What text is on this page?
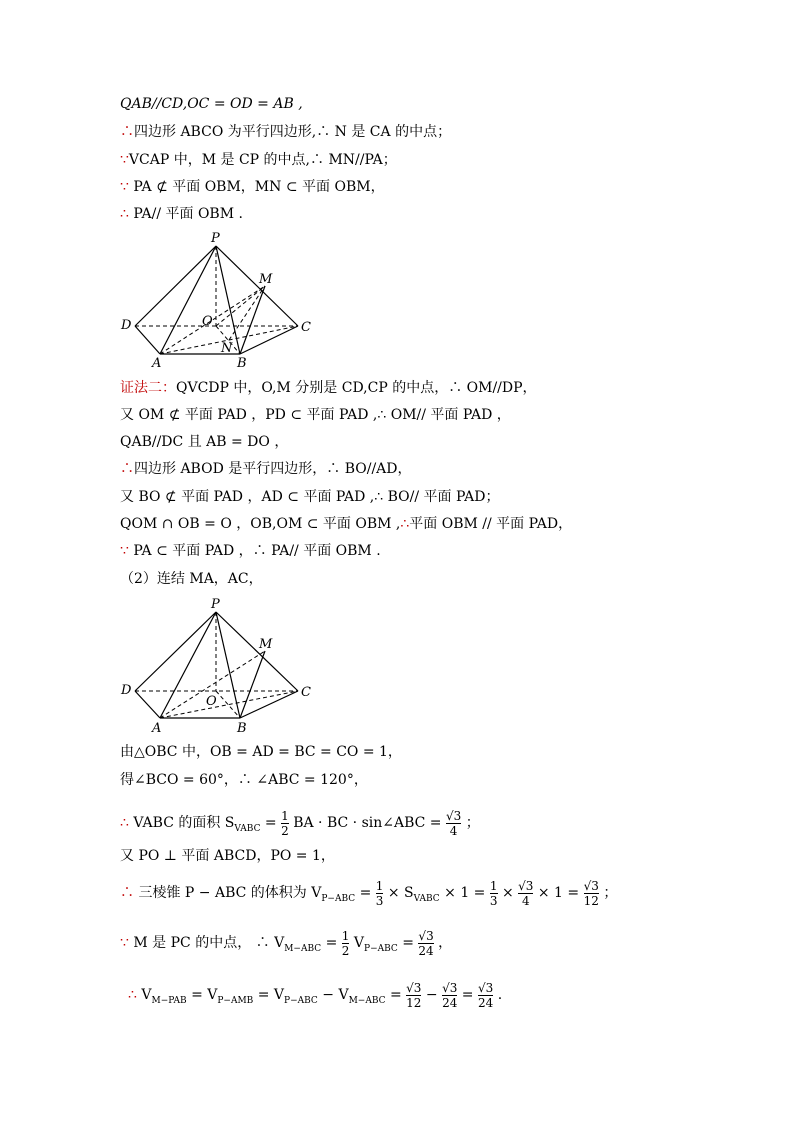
QAB//CD,OC = OD = AB ,
∴四边形 ABCO 为平行四边形,∴ N 是 CA 的中点；
∵VCAP 中，M 是 CP 的中点,∴ MN//PA；
∵ PA ⊄ 平面 OBM，MN ⊂ 平面 OBM，
∴ PA// 平面 OBM .
P
M
D	O	C
A
N
B
证法二：QVCDP 中，O,M 分别是 CD,CP 的中点，∴ OM//DP，
又 OM ⊄ 平面 PAD ，PD ⊂ 平面 PAD ,∴ OM// 平面 PAD ，
QAB//DC 且 AB = DO ，
∴四边形 ABOD 是平行四边形，∴ BO//AD，
又 BO ⊄ 平面 PAD ，AD ⊂ 平面 PAD ,∴ BO// 平面 PAD；
QOM ∩ OB = O ，OB,OM ⊂ 平面 OBM ,∴平面 OBM // 平面 PAD，
∵ PA ⊂ 平面 PAD ，∴ PA// 平面 OBM .
（2）连结 MA，AC，
P
M
D
O
C
A	B
由△OBC 中，OB = AD = BC = CO = 1，
得∠BCO = 60°，∴ ∠ABC = 120°，
∴ VABC 的面积 $S_{VABC} = \frac{1}{2}$ BA · BC · sin∠ABC = $\frac{√3}{4}$ ；
又 PO ⊥ 平面 ABCD，PO = 1，
∴ 三棱锥 P − ABC 的体积为 $V_{P-ABC} = \frac{1}{3} \times S_{VABC} \times 1 = \frac{1}{3} \times \frac{√3}{4} \times 1 = \frac{√3}{12}$ ；
∵ M 是 PC 的中点， ∴ $V_{M-ABC} = \frac{1}{2} V_{P-ABC} = \frac{√3}{24}$ ，
∴ $V_{M-PAB} = V_{P-AMB} = V_{P-ABC} - V_{M-ABC} = \frac{√3}{12} - \frac{√3}{24} = \frac{√3}{24}$ .
